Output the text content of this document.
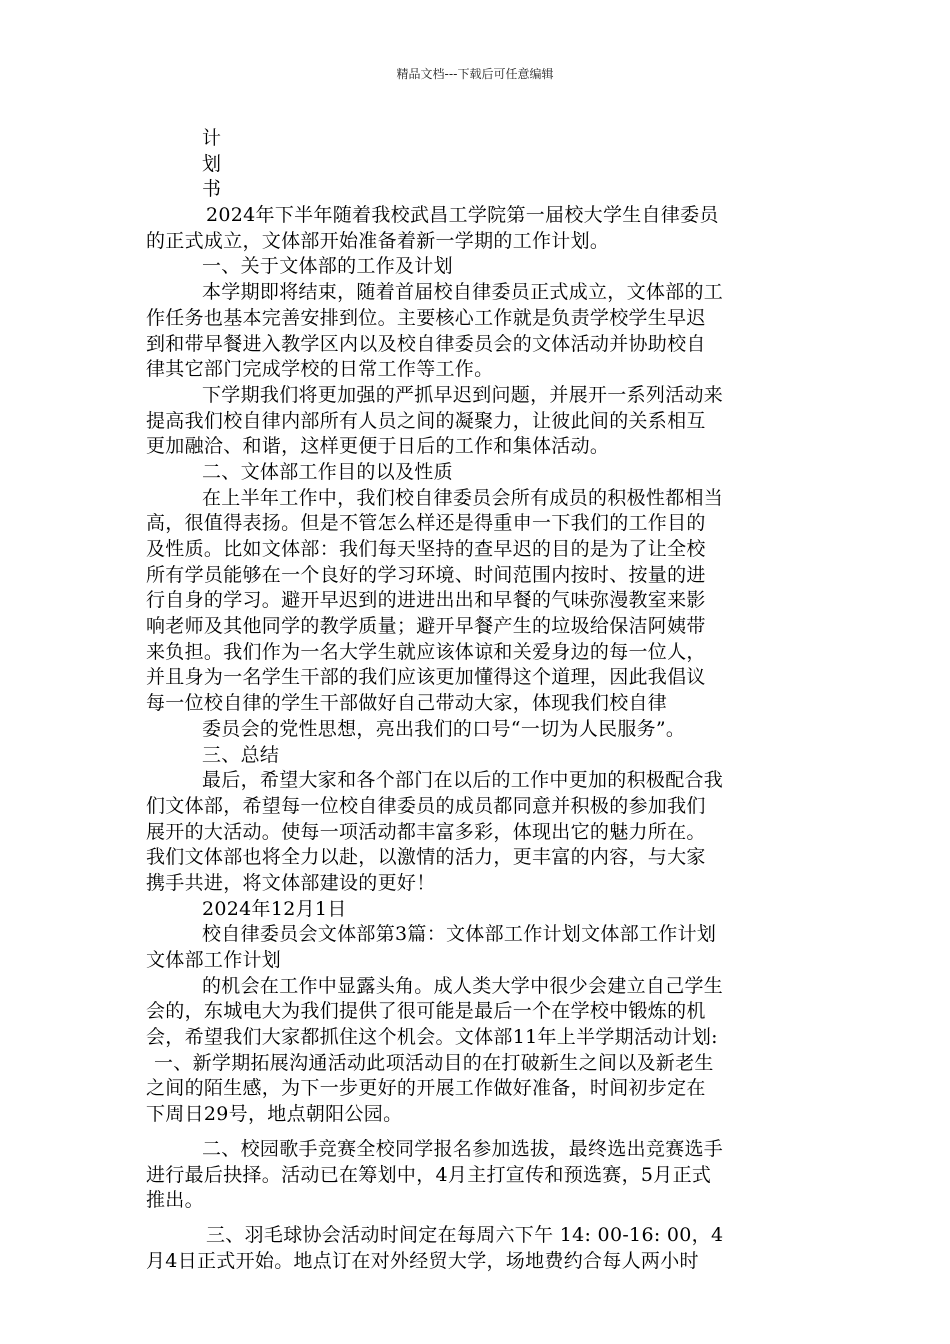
精品文档---下载后可任意编辑
计
划
书
2024年下半年随着我校武昌工学院第一届校大学生自律委员
的正式成立，文体部开始准备着新一学期的工作计划。
一、关于文体部的工作及计划
本学期即将结束，随着首届校自律委员正式成立，文体部的工
作任务也基本完善安排到位。主要核心工作就是负责学校学生早迟
到和带早餐进入教学区内以及校自律委员会的文体活动并协助校自
律其它部门完成学校的日常工作等工作。
下学期我们将更加强的严抓早迟到问题，并展开一系列活动来
提高我们校自律内部所有人员之间的凝聚力，让彼此间的关系相互
更加融洽、和谐，这样更便于日后的工作和集体活动。
二、文体部工作目的以及性质
在上半年工作中，我们校自律委员会所有成员的积极性都相当
高，很值得表扬。但是不管怎么样还是得重申一下我们的工作目的
及性质。比如文体部：我们每天坚持的查早迟的目的是为了让全校
所有学员能够在一个良好的学习环境、时间范围内按时、按量的进
行自身的学习。避开早迟到的进进出出和早餐的气味弥漫教室来影
响老师及其他同学的教学质量；避开早餐产生的垃圾给保洁阿姨带
来负担。我们作为一名大学生就应该体谅和关爱身边的每一位人，
并且身为一名学生干部的我们应该更加懂得这个道理，因此我倡议
每一位校自律的学生干部做好自己带动大家，体现我们校自律
委员会的党性思想，亮出我们的口号“一切为人民服务”。
三、总结
最后，希望大家和各个部门在以后的工作中更加的积极配合我
们文体部，希望每一位校自律委员的成员都同意并积极的参加我们
展开的大活动。使每一项活动都丰富多彩，体现出它的魅力所在。
我们文体部也将全力以赴，以激情的活力，更丰富的内容，与大家
携手共进，将文体部建设的更好！
2024年12月1日
校自律委员会文体部第3篇：文体部工作计划文体部工作计划
文体部工作计划
的机会在工作中显露头角。成人类大学中很少会建立自己学生
会的，东城电大为我们提供了很可能是最后一个在学校中锻炼的机
会，希望我们大家都抓住这个机会。文体部11年上半学期活动计划:
一、新学期拓展沟通活动此项活动目的在打破新生之间以及新老生
之间的陌生感，为下一步更好的开展工作做好准备，时间初步定在
下周日29号，地点朝阳公园。
二、校园歌手竞赛全校同学报名参加选拔，最终选出竞赛选手
进行最后抉择。活动已在筹划中，4月主打宣传和预选赛，5月正式
推出。
三、羽毛球协会活动时间定在每周六下午 14: 00-16: 00，4
月4日正式开始。地点订在对外经贸大学，场地费约合每人两小时
